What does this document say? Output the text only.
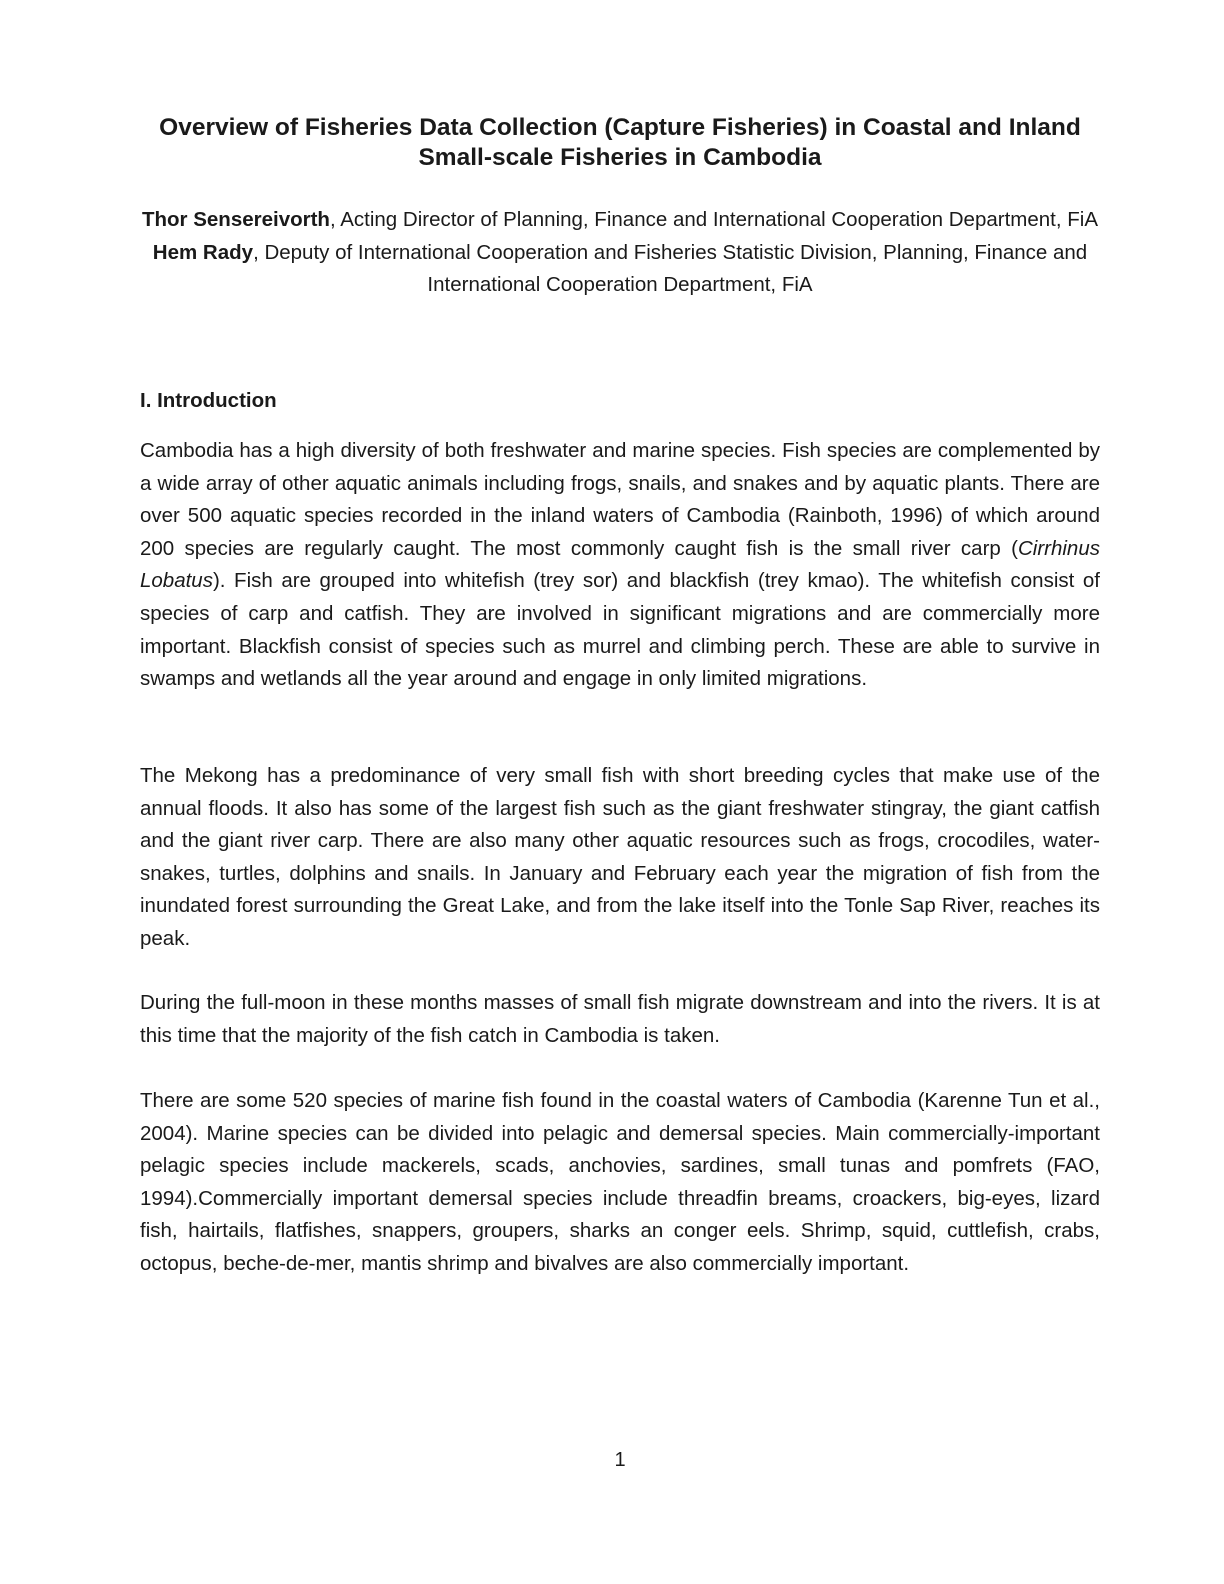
Overview of Fisheries Data Collection (Capture Fisheries) in Coastal and Inland Small-scale Fisheries in Cambodia

Thor Sensereivorth, Acting Director of Planning, Finance and International Cooperation Department, FiA

Hem Rady, Deputy of International Cooperation and Fisheries Statistic Division, Planning, Finance and International Cooperation Department, FiA

I. Introduction

Cambodia has a high diversity of both freshwater and marine species. Fish species are complemented by a wide array of other aquatic animals including frogs, snails, and snakes and by aquatic plants. There are over 500 aquatic species recorded in the inland waters of Cambodia (Rainboth, 1996) of which around 200 species are regularly caught. The most commonly caught fish is the small river carp (Cirrhinus Lobatus). Fish are grouped into whitefish (trey sor) and blackfish (trey kmao). The whitefish consist of species of carp and catfish. They are involved in significant migrations and are commercially more important. Blackfish consist of species such as murrel and climbing perch. These are able to survive in swamps and wetlands all the year around and engage in only limited migrations.

The Mekong has a predominance of very small fish with short breeding cycles that make use of the annual floods. It also has some of the largest fish such as the giant freshwater stingray, the giant catfish and the giant river carp. There are also many other aquatic resources such as frogs, crocodiles, water-snakes, turtles, dolphins and snails. In January and February each year the migration of fish from the inundated forest surrounding the Great Lake, and from the lake itself into the Tonle Sap River, reaches its peak.

During the full-moon in these months masses of small fish migrate downstream and into the rivers. It is at this time that the majority of the fish catch in Cambodia is taken.

There are some 520 species of marine fish found in the coastal waters of Cambodia (Karenne Tun et al., 2004). Marine species can be divided into pelagic and demersal species. Main commercially-important pelagic species include mackerels, scads, anchovies, sardines, small tunas and pomfrets (FAO, 1994).Commercially important demersal species include threadfin breams, croackers, big-eyes, lizard fish, hairtails, flatfishes, snappers, groupers, sharks an conger eels. Shrimp, squid, cuttlefish, crabs, octopus, beche-de-mer, mantis shrimp and bivalves are also commercially important.

1
